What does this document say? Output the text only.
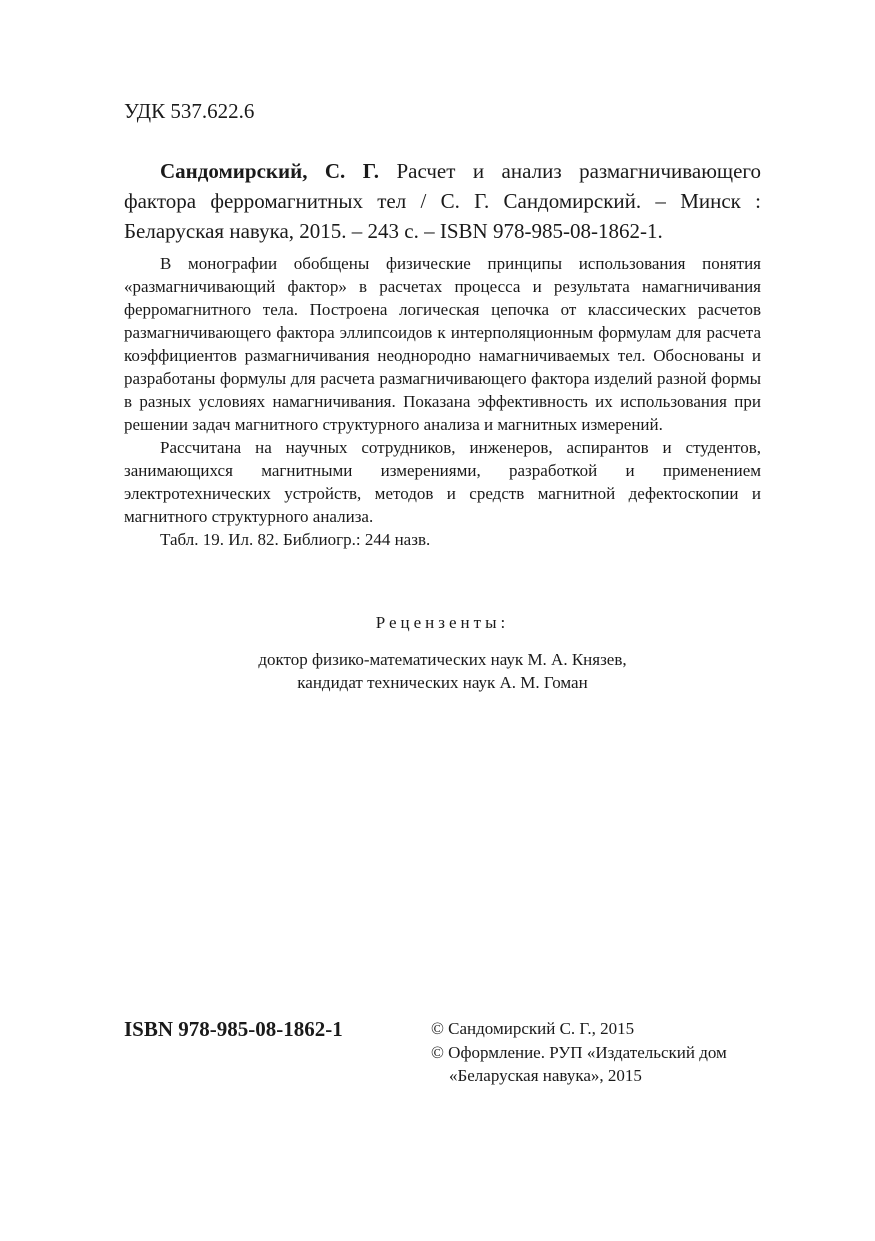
УДК 537.622.6

Сандомирский, С. Г. Расчет и анализ размагничивающего фактора ферромагнитных тел / С. Г. Сандомирский. – Минск : Беларуская навука, 2015. – 243 с. – ISBN 978-985-08-1862-1.

В монографии обобщены физические принципы использования понятия «размагничивающий фактор» в расчетах процесса и результата намагничивания ферромагнитного тела. Построена логическая цепочка от классических расчетов размагничивающего фактора эллипсоидов к интерполяционным формулам для расчета коэффициентов размагничивания неоднородно намагничиваемых тел. Обоснованы и разработаны формулы для расчета размагничивающего фактора изделий разной формы в разных условиях намагничивания. Показана эффективность их использования при решении задач магнитного структурного анализа и магнитных измерений.

Рассчитана на научных сотрудников, инженеров, аспирантов и студентов, занимающихся магнитными измерениями, разработкой и применением электротехнических устройств, методов и средств магнитной дефектоскопии и магнитного структурного анализа.

Табл. 19. Ил. 82. Библиогр.: 244 назв.

Рецензенты:

доктор физико-математических наук М. А. Князев,

кандидат технических наук А. М. Гоман

ISBN 978-985-08-1862-1	© Сандомирский С. Г., 2015

© Оформление. РУП «Издательский дом

«Беларуская навука», 2015
